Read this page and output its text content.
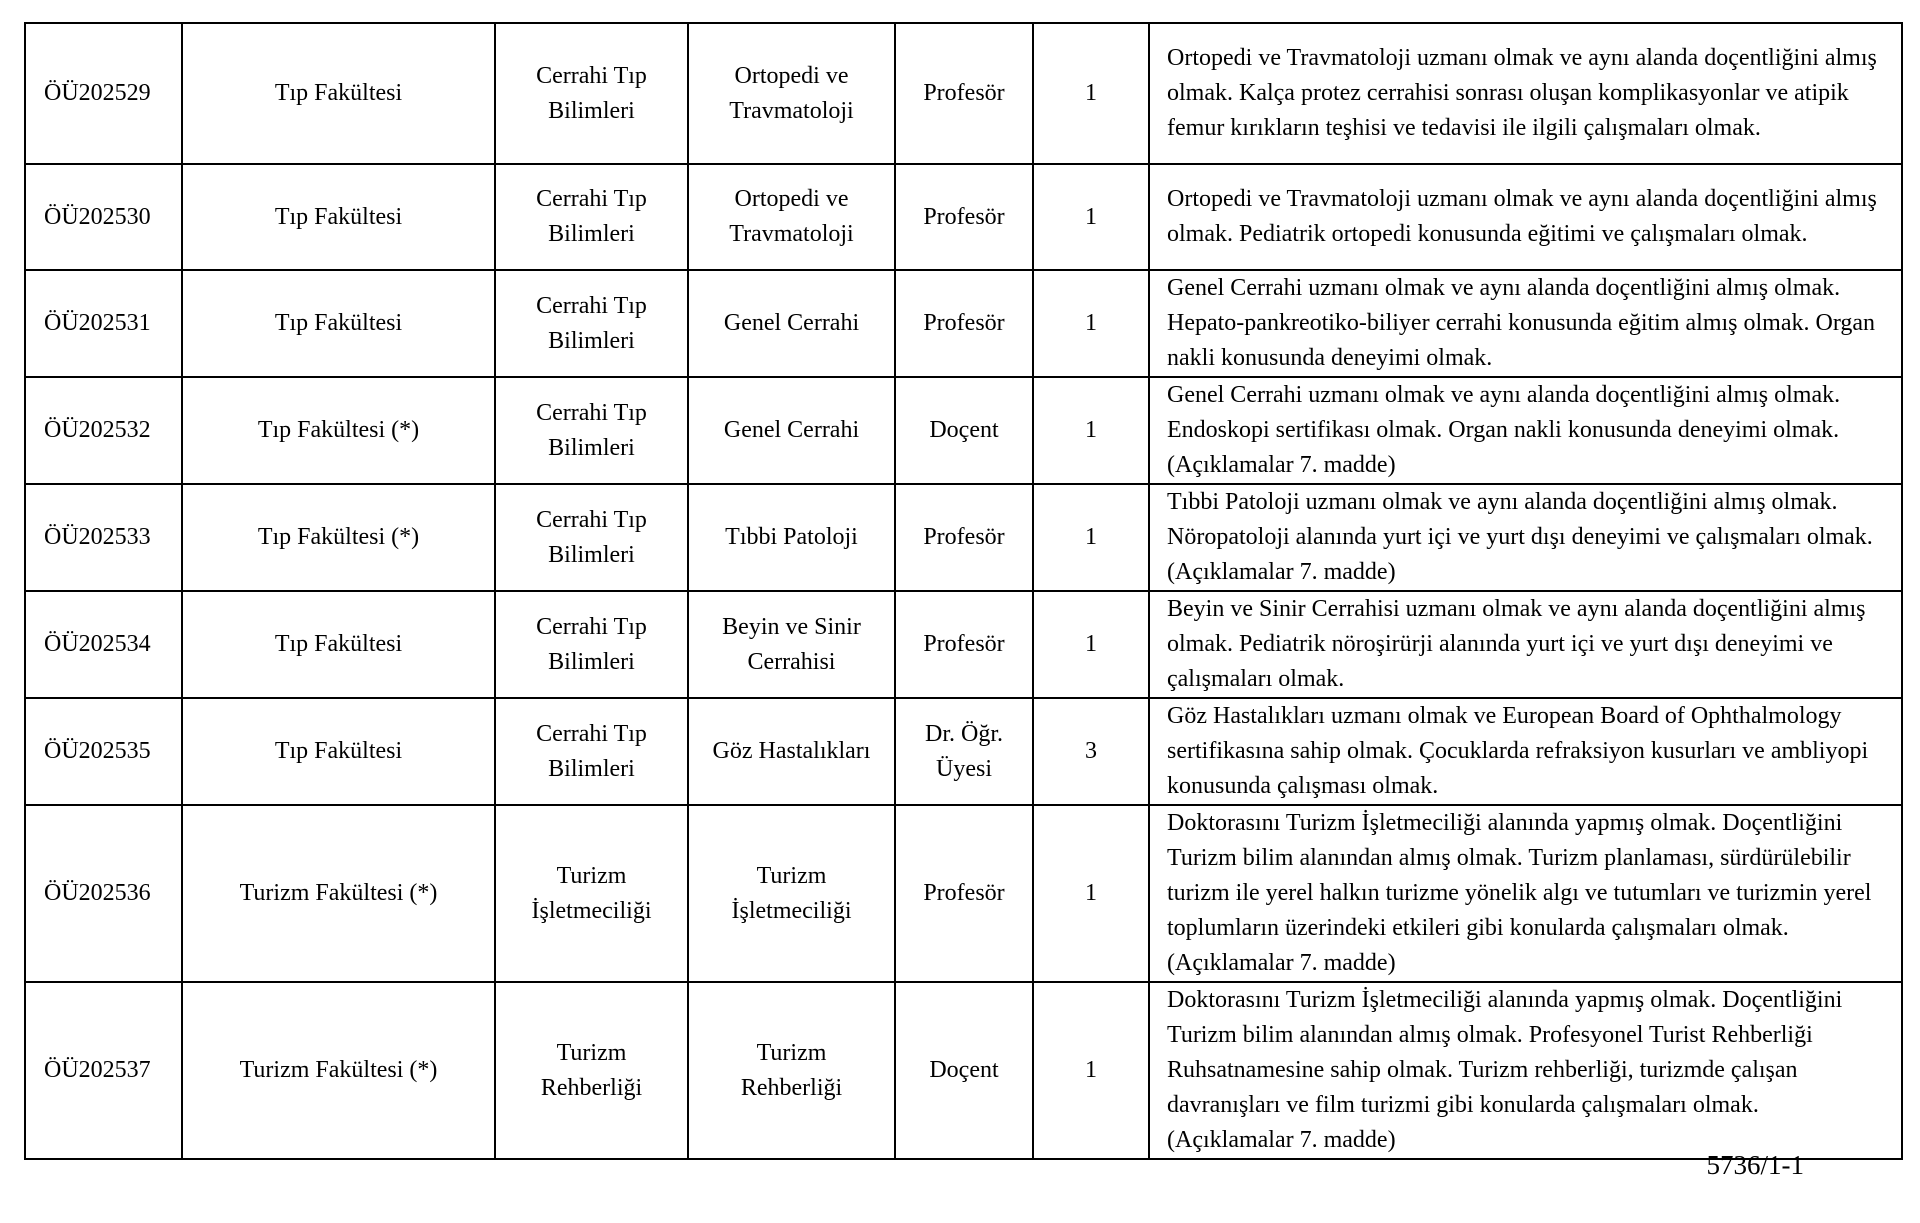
ÖÜ202529	Tıp Fakültesi	Cerrahi Tıp Bilimleri	Ortopedi ve Travmatoloji	Profesör	1	Ortopedi ve Travmatoloji uzmanı olmak ve aynı alanda doçentliğini almış olmak. Kalça protez cerrahisi sonrası oluşan komplikasyonlar ve atipik femur kırıkların teşhisi ve tedavisi ile ilgili çalışmaları olmak.
ÖÜ202530	Tıp Fakültesi	Cerrahi Tıp Bilimleri	Ortopedi ve Travmatoloji	Profesör	1	Ortopedi ve Travmatoloji uzmanı olmak ve aynı alanda doçentliğini almış olmak. Pediatrik ortopedi konusunda eğitimi ve çalışmaları olmak.
ÖÜ202531	Tıp Fakültesi	Cerrahi Tıp Bilimleri	Genel Cerrahi	Profesör	1	Genel Cerrahi uzmanı olmak ve aynı alanda doçentliğini almış olmak. Hepato-pankreotiko-biliyer cerrahi konusunda eğitim almış olmak. Organ nakli konusunda deneyimi olmak.
ÖÜ202532	Tıp Fakültesi (*)	Cerrahi Tıp Bilimleri	Genel Cerrahi	Doçent	1	Genel Cerrahi uzmanı olmak ve aynı alanda doçentliğini almış olmak. Endoskopi sertifikası olmak. Organ nakli konusunda deneyimi olmak. (Açıklamalar 7. madde)
ÖÜ202533	Tıp Fakültesi (*)	Cerrahi Tıp Bilimleri	Tıbbi Patoloji	Profesör	1	Tıbbi Patoloji uzmanı olmak ve aynı alanda doçentliğini almış olmak. Nöropatoloji alanında yurt içi ve yurt dışı deneyimi ve çalışmaları olmak. (Açıklamalar 7. madde)
ÖÜ202534	Tıp Fakültesi	Cerrahi Tıp Bilimleri	Beyin ve Sinir Cerrahisi	Profesör	1	Beyin ve Sinir Cerrahisi uzmanı olmak ve aynı alanda doçentliğini almış olmak. Pediatrik nöroşirürji alanında yurt içi ve yurt dışı deneyimi ve çalışmaları olmak.
ÖÜ202535	Tıp Fakültesi	Cerrahi Tıp Bilimleri	Göz Hastalıkları	Dr. Öğr. Üyesi	3	Göz Hastalıkları uzmanı olmak ve European Board of Ophthalmology sertifikasına sahip olmak. Çocuklarda refraksiyon kusurları ve ambliyopi konusunda çalışması olmak.
ÖÜ202536	Turizm Fakültesi (*)	Turizm İşletmeciliği	Turizm İşletmeciliği	Profesör	1	Doktorasını Turizm İşletmeciliği alanında yapmış olmak. Doçentliğini Turizm bilim alanından almış olmak. Turizm planlaması, sürdürülebilir turizm ile yerel halkın turizme yönelik algı ve tutumları ve turizmin yerel toplumların üzerindeki etkileri gibi konularda çalışmaları olmak. (Açıklamalar 7. madde)
ÖÜ202537	Turizm Fakültesi (*)	Turizm Rehberliği	Turizm Rehberliği	Doçent	1	Doktorasını Turizm İşletmeciliği alanında yapmış olmak. Doçentliğini Turizm bilim alanından almış olmak. Profesyonel Turist Rehberliği Ruhsatnamesine sahip olmak. Turizm rehberliği, turizmde çalışan davranışları ve film turizmi gibi konularda çalışmaları olmak. (Açıklamalar 7. madde)
5736/1-1
